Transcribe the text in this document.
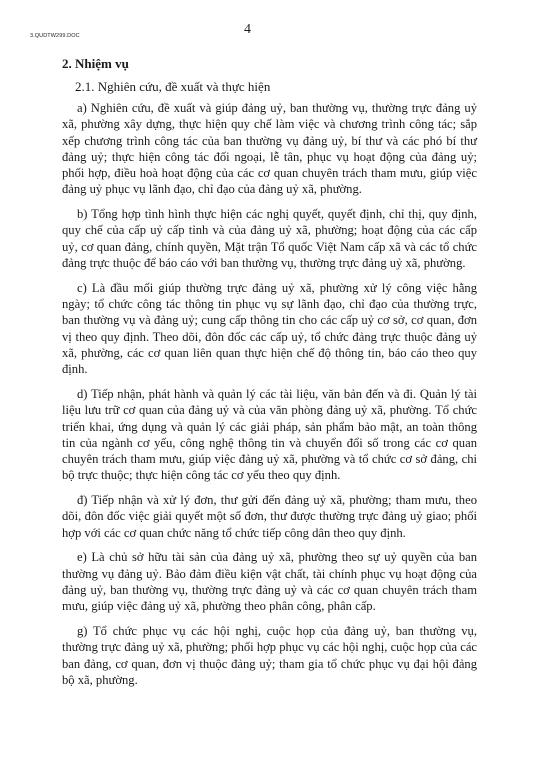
3.QUDTW299.DOC	4
2. Nhiệm vụ
2.1. Nghiên cứu, đề xuất và thực hiện

a) Nghiên cứu, đề xuất và giúp đảng uỷ, ban thường vụ, thường trực đảng uỷ xã, phường xây dựng, thực hiện quy chế làm việc và chương trình công tác; sắp xếp chương trình công tác của ban thường vụ đảng uỷ, bí thư và các phó bí thư đảng uỷ; thực hiện công tác đối ngoại, lễ tân, phục vụ hoạt động của đảng uỷ; phối hợp, điều hoà hoạt động của các cơ quan chuyên trách tham mưu, giúp việc đảng uỷ phục vụ lãnh đạo, chỉ đạo của đảng uỷ xã, phường.

b) Tổng hợp tình hình thực hiện các nghị quyết, quyết định, chỉ thị, quy định, quy chế của cấp uỷ cấp tỉnh và của đảng uỷ xã, phường; hoạt động của các cấp uỷ, cơ quan đảng, chính quyền, Mặt trận Tổ quốc Việt Nam cấp xã và các tổ chức đảng trực thuộc để báo cáo với ban thường vụ, thường trực đảng uỷ xã, phường.

c) Là đầu mối giúp thường trực đảng uỷ xã, phường xử lý công việc hằng ngày; tổ chức công tác thông tin phục vụ sự lãnh đạo, chỉ đạo của thường trực, ban thường vụ và đảng uỷ; cung cấp thông tin cho các cấp uỷ cơ sở, cơ quan, đơn vị theo quy định. Theo dõi, đôn đốc các cấp uỷ, tổ chức đảng trực thuộc đảng uỷ xã, phường, các cơ quan liên quan thực hiện chế độ thông tin, báo cáo theo quy định.

d) Tiếp nhận, phát hành và quản lý các tài liệu, văn bản đến và đi. Quản lý tài liệu lưu trữ cơ quan của đảng uỷ và của văn phòng đảng uỷ xã, phường. Tổ chức triển khai, ứng dụng và quản lý các giải pháp, sản phẩm bảo mật, an toàn thông tin của ngành cơ yếu, công nghệ thông tin và chuyển đổi số trong các cơ quan chuyên trách tham mưu, giúp việc đảng uỷ xã, phường và tổ chức cơ sở đảng, chi bộ trực thuộc; thực hiện công tác cơ yếu theo quy định.

đ) Tiếp nhận và xử lý đơn, thư gửi đến đảng uỷ xã, phường; tham mưu, theo dõi, đôn đốc việc giải quyết một số đơn, thư được thường trực đảng uỷ giao; phối hợp với các cơ quan chức năng tổ chức tiếp công dân theo quy định.

e) Là chủ sở hữu tài sản của đảng uỷ xã, phường theo sự uỷ quyền của ban thường vụ đảng uỷ. Bảo đảm điều kiện vật chất, tài chính phục vụ hoạt động của đảng uỷ, ban thường vụ, thường trực đảng uỷ và các cơ quan chuyên trách tham mưu, giúp việc đảng uỷ xã, phường theo phân công, phân cấp.

g) Tổ chức phục vụ các hội nghị, cuộc họp của đảng uỷ, ban thường vụ, thường trực đảng uỷ xã, phường; phối hợp phục vụ các hội nghị, cuộc họp của các ban đảng, cơ quan, đơn vị thuộc đảng uỷ; tham gia tổ chức phục vụ đại hội đảng bộ xã, phường.
